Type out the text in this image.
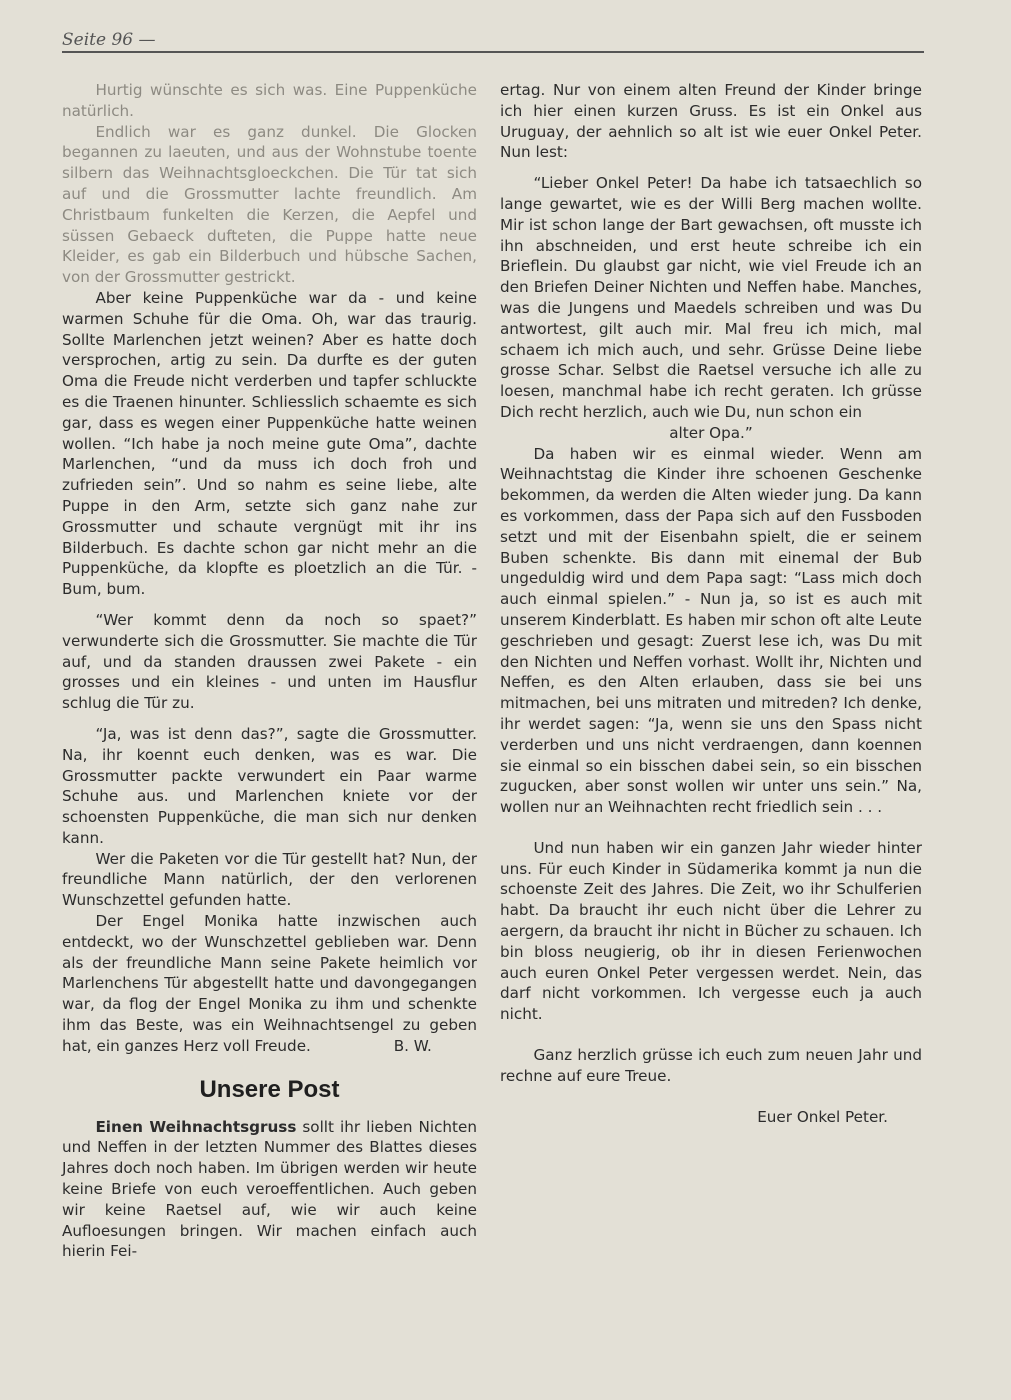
Seite 96 —

Hurtig wünschte es sich was. Eine Puppenküche natürlich.

Endlich war es ganz dunkel. Die Glocken begannen zu laeuten, und aus der Wohnstube toente silbern das Weihnachtsgloeckchen. Die Tür tat sich auf und die Grossmutter lachte freundlich. Am Christbaum funkelten die Kerzen, die Aepfel und süssen Gebaeck dufteten, die Puppe hatte neue Kleider, es gab ein Bilderbuch und hübsche Sachen, von der Grossmutter gestrickt.

Aber keine Puppenküche war da - und keine warmen Schuhe für die Oma. Oh, war das traurig. Sollte Marlenchen jetzt weinen? Aber es hatte doch versprochen, artig zu sein. Da durfte es der guten Oma die Freude nicht verderben und tapfer schluckte es die Traenen hinunter. Schliesslich schaemte es sich gar, dass es wegen einer Puppenküche hatte weinen wollen. “Ich habe ja noch meine gute Oma”, dachte Marlenchen, “und da muss ich doch froh und zufrieden sein”. Und so nahm es seine liebe, alte Puppe in den Arm, setzte sich ganz nahe zur Grossmutter und schaute vergnügt mit ihr ins Bilderbuch. Es dachte schon gar nicht mehr an die Puppenküche, da klopfte es ploetzlich an die Tür. - Bum, bum.

“Wer kommt denn da noch so spaet?” verwunderte sich die Grossmutter. Sie machte die Tür auf, und da standen draussen zwei Pakete - ein grosses und ein kleines - und unten im Hausflur schlug die Tür zu.

“Ja, was ist denn das?”, sagte die Grossmutter. Na, ihr koennt euch denken, was es war. Die Grossmutter packte verwundert ein Paar warme Schuhe aus. und Marlenchen kniete vor der schoensten Puppenküche, die man sich nur denken kann.

Wer die Paketen vor die Tür gestellt hat? Nun, der freundliche Mann natürlich, der den verlorenen Wunschzettel gefunden hatte.

Der Engel Monika hatte inzwischen auch entdeckt, wo der Wunschzettel geblieben war. Denn als der freundliche Mann seine Pakete heimlich vor Marlenchens Tür abgestellt hatte und davongegangen war, da flog der Engel Monika zu ihm und schenkte ihm das Beste, was ein Weihnachtsengel zu geben hat, ein ganzes Herz voll Freude.	B. W.

Unsere Post

Einen Weihnachtsgruss sollt ihr lieben Nichten und Neffen in der letzten Nummer des Blattes dieses Jahres doch noch haben. Im übrigen werden wir heute keine Briefe von euch veroeffentlichen. Auch geben wir keine Raetsel auf, wie wir auch keine Aufloesungen bringen. Wir machen einfach auch hierin Fei-

ertag. Nur von einem alten Freund der Kinder bringe ich hier einen kurzen Gruss. Es ist ein Onkel aus Uruguay, der aehnlich so alt ist wie euer Onkel Peter. Nun lest:

“Lieber Onkel Peter! Da habe ich tatsaechlich so lange gewartet, wie es der Willi Berg machen wollte. Mir ist schon lange der Bart gewachsen, oft musste ich ihn abschneiden, und erst heute schreibe ich ein Brieflein. Du glaubst gar nicht, wie viel Freude ich an den Briefen Deiner Nichten und Neffen habe. Manches, was die Jungens und Maedels schreiben und was Du antwortest, gilt auch mir. Mal freu ich mich, mal schaem ich mich auch, und sehr. Grüsse Deine liebe grosse Schar. Selbst die Raetsel versuche ich alle zu loesen, manchmal habe ich recht geraten. Ich grüsse Dich recht herzlich, auch wie Du, nun schon ein

alter Opa.”

Da haben wir es einmal wieder. Wenn am Weihnachtstag die Kinder ihre schoenen Geschenke bekommen, da werden die Alten wieder jung. Da kann es vorkommen, dass der Papa sich auf den Fussboden setzt und mit der Eisenbahn spielt, die er seinem Buben schenkte. Bis dann mit einemal der Bub ungeduldig wird und dem Papa sagt: “Lass mich doch auch einmal spielen.” - Nun ja, so ist es auch mit unserem Kinderblatt. Es haben mir schon oft alte Leute geschrieben und gesagt: Zuerst lese ich, was Du mit den Nichten und Neffen vorhast. Wollt ihr, Nichten und Neffen, es den Alten erlauben, dass sie bei uns mitmachen, bei uns mitraten und mitreden? Ich denke, ihr werdet sagen: “Ja, wenn sie uns den Spass nicht verderben und uns nicht verdraengen, dann koennen sie einmal so ein bisschen dabei sein, so ein bisschen zugucken, aber sonst wollen wir unter uns sein.” Na, wollen nur an Weihnachten recht friedlich sein . . .

Und nun haben wir ein ganzen Jahr wieder hinter uns. Für euch Kinder in Südamerika kommt ja nun die schoenste Zeit des Jahres. Die Zeit, wo ihr Schulferien habt. Da braucht ihr euch nicht über die Lehrer zu aergern, da braucht ihr nicht in Bücher zu schauen. Ich bin bloss neugierig, ob ihr in diesen Ferienwochen auch euren Onkel Peter vergessen werdet. Nein, das darf nicht vorkommen. Ich vergesse euch ja auch nicht.

Ganz herzlich grüsse ich euch zum neuen Jahr und rechne auf eure Treue.

Euer Onkel Peter.
